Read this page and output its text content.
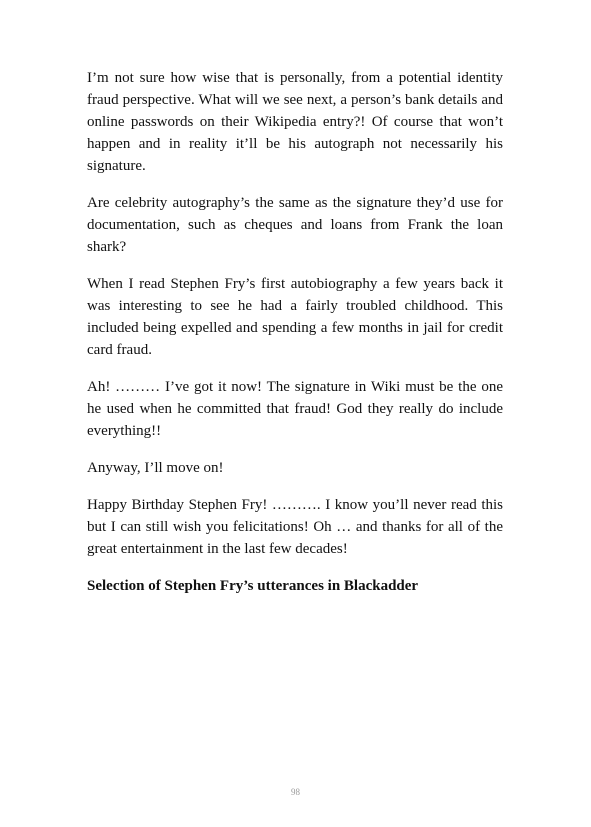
I’m not sure how wise that is personally, from a potential identity fraud perspective. What will we see next, a person’s bank details and online passwords on their Wikipedia entry?! Of course that won’t happen and in reality it’ll be his autograph not necessarily his signature.

Are celebrity autography’s the same as the signature they’d use for documentation, such as cheques and loans from Frank the loan shark?

When I read Stephen Fry’s first autobiography a few years back it was interesting to see he had a fairly troubled childhood. This included being expelled and spending a few months in jail for credit card fraud.

Ah! ……… I’ve got it now! The signature in Wiki must be the one he used when he committed that fraud! God they really do include everything!!

Anyway, I’ll move on!

Happy Birthday Stephen Fry! ………. I know you’ll never read this but I can still wish you felicitations! Oh … and thanks for all of the great entertainment in the last few decades!

Selection of Stephen Fry’s utterances in Blackadder

98
